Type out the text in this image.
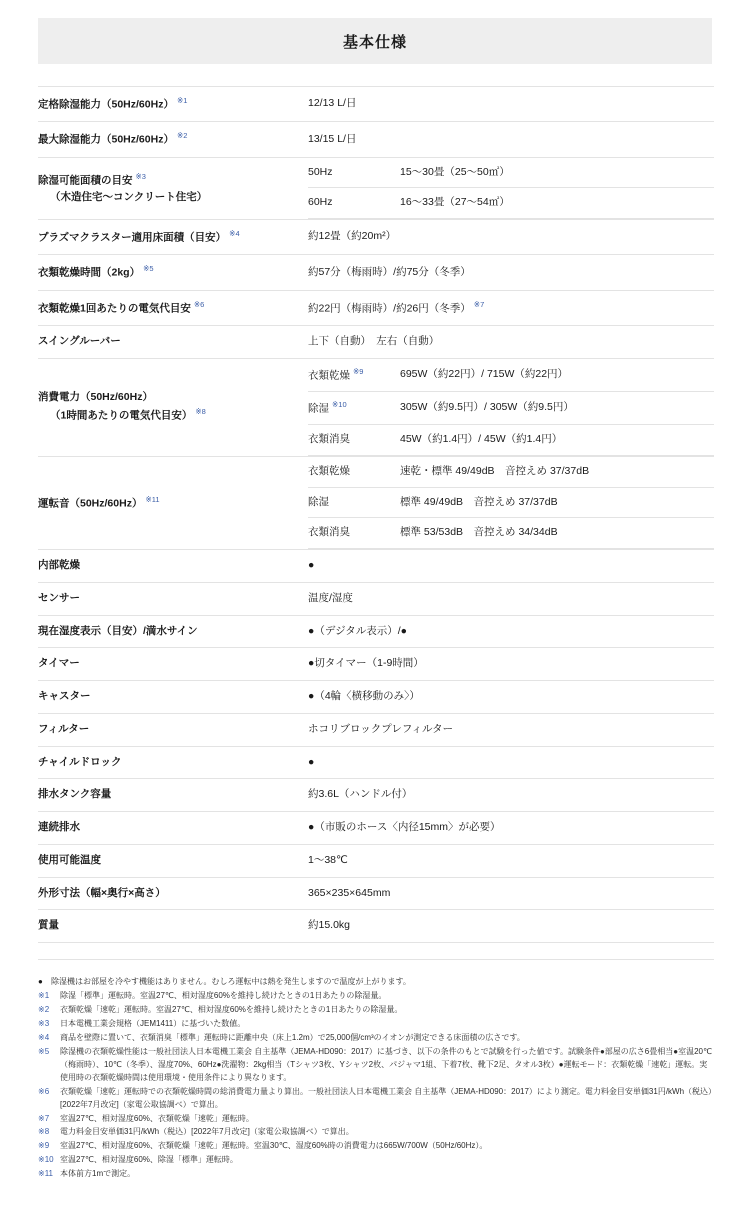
基本仕様
定格除湿能力（50Hz/60Hz） $^{※1}$	12/13 L/日
最大除湿能力（50Hz/60Hz） $^{※2}$	13/15 L/日
除湿可能面積の目安 $^{※3}$
（木造住宅～コンクリート住宅）	
50Hz	15～30畳（25～50㎡）
60Hz	16～33畳（27～54㎡）

プラズマクラスター適用床面積（目安） $^{※4}$	約12畳（約20m²）
衣類乾燥時間（2kg） $^{※5}$	約57分（梅雨時）/約75分（冬季）
衣類乾燥1回あたりの電気代目安 $^{※6}$	約22円（梅雨時）/約26円（冬季） $^{※7}$
スイングルーバー	上下（自動）　左右（自動）
消費電力（50Hz/60Hz）
（1時間あたりの電気代目安） $^{※8}$	
衣類乾燥 $^{※9}$	695W（約22円）/ 715W（約22円）
除湿 $^{※10}$	305W（約9.5円）/ 305W（約9.5円）
衣類消臭	45W（約1.4円）/ 45W（約1.4円）

運転音（50Hz/60Hz） $^{※11}$	
衣類乾燥	速乾・標準 49/49dB　音控えめ 37/37dB
除湿	標準 49/49dB　音控えめ 37/37dB
衣類消臭	標準 53/53dB　音控えめ 34/34dB

内部乾燥	●
センサー	温度/湿度
現在湿度表示（目安）/満水サイン	●（デジタル表示）/●
タイマー	●切タイマー（1-9時間）
キャスター	●（4輪〈横移動のみ〉）
フィルター	ホコリブロックプレフィルター
チャイルドロック	●
排水タンク容量	約3.6L（ハンドル付）
連続排水	●（市販のホース〈内径15mm〉が必要）
使用可能温度	1～38℃
外形寸法（幅×奥行×高さ）	365×235×645mm
質量	約15.0kg

●	除湿機はお部屋を冷やす機能はありません。むしろ運転中は熱を発生しますので温度が上がります。
※1	除湿「標準」運転時。室温27℃、相対湿度60%を維持し続けたときの1日あたりの除湿量。
※2	衣類乾燥「速乾」運転時。室温27℃、相対湿度60%を維持し続けたときの1日あたりの除湿量。
※3	日本電機工業会規格（JEM1411）に基づいた数値。
※4	商品を壁際に置いて、衣類消臭「標準」運転時に距離中央（床上1.2m）で25,000個/cm³のイオンが測定できる床面積の広さです。
※5	除湿機の衣類乾燥性能は一般社団法人日本電機工業会 自主基準（JEMA-HD090：2017）に基づき、以下の条件のもとで試験を行った値です。試験条件●部屋の広さ6畳相当●室温20℃（梅雨時）、10℃（冬季）、湿度70%、60Hz●洗濯物：2kg相当（Tシャツ3枚、Yシャツ2枚、パジャマ1組、下着7枚、靴下2足、タオル3枚）●運転モード：衣類乾燥「速乾」運転。実使用時の衣類乾燥時間は使用環境・使用条件により異なります。
※6	衣類乾燥「速乾」運転時での衣類乾燥時間の総消費電力量より算出。一般社団法人日本電機工業会 自主基準（JEMA-HD090：2017）により測定。電力料金目安単価31円/kWh（税込）[2022年7月改定]（家電公取協調べ）で算出。
※7	室温27℃、相対湿度60%、衣類乾燥「速乾」運転時。
※8	電力料金目安単価31円/kWh（税込）[2022年7月改定]（家電公取協調べ）で算出。
※9	室温27℃、相対湿度60%、衣類乾燥「速乾」運転時。室温30℃、湿度60%時の消費電力は665W/700W（50Hz/60Hz）。
※10 室温27℃、相対湿度60%、除湿「標準」運転時。
※11 本体前方1mで測定。
